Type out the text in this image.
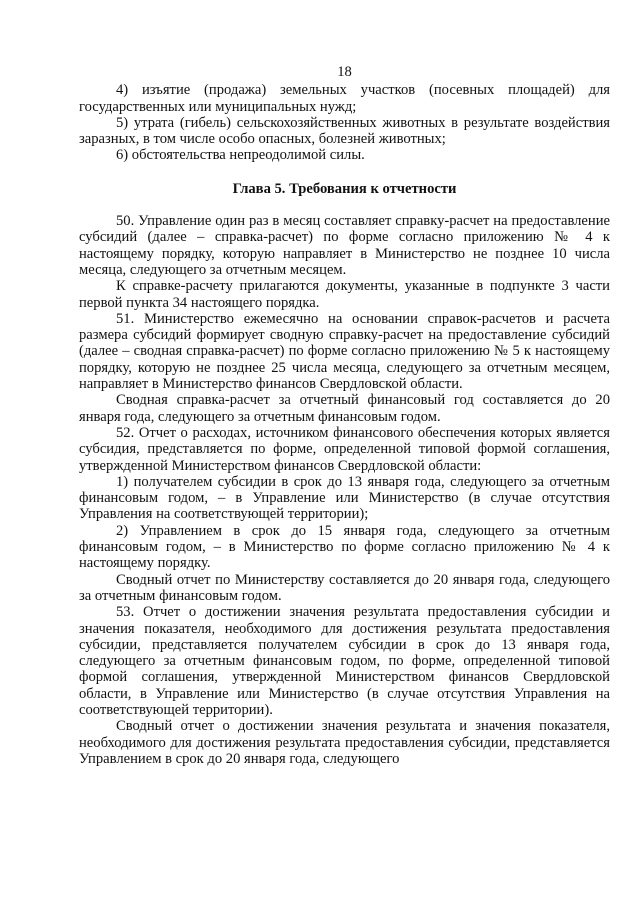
18

4) изъятие (продажа) земельных участков (посевных площадей) для государственных или муниципальных нужд;

5) утрата (гибель) сельскохозяйственных животных в результате воздействия заразных, в том числе особо опасных, болезней животных;

6) обстоятельства непреодолимой силы.

Глава 5. Требования к отчетности

50. Управление один раз в месяц составляет справку-расчет на предоставление субсидий (далее – справка-расчет) по форме согласно приложению № 4 к настоящему порядку, которую направляет в Министерство не позднее 10 числа месяца, следующего за отчетным месяцем.

К справке-расчету прилагаются документы, указанные в подпункте 3 части первой пункта 34 настоящего порядка.

51. Министерство ежемесячно на основании справок-расчетов и расчета размера субсидий формирует сводную справку-расчет на предоставление субсидий (далее – сводная справка-расчет) по форме согласно приложению № 5 к настоящему порядку, которую не позднее 25 числа месяца, следующего за отчетным месяцем, направляет в Министерство финансов Свердловской области.

Сводная справка-расчет за отчетный финансовый год составляется до 20 января года, следующего за отчетным финансовым годом.

52. Отчет о расходах, источником финансового обеспечения которых является субсидия, представляется по форме, определенной типовой формой соглашения, утвержденной Министерством финансов Свердловской области:

1) получателем субсидии в срок до 13 января года, следующего за отчетным финансовым годом, – в Управление или Министерство (в случае отсутствия Управления на соответствующей территории);

2) Управлением в срок до 15 января года, следующего за отчетным финансовым годом, – в Министерство по форме согласно приложению № 4 к настоящему порядку.

Сводный отчет по Министерству составляется до 20 января года, следующего за отчетным финансовым годом.

53. Отчет о достижении значения результата предоставления субсидии и значения показателя, необходимого для достижения результата предоставления субсидии, представляется получателем субсидии в срок до 13 января года, следующего за отчетным финансовым годом, по форме, определенной типовой формой соглашения, утвержденной Министерством финансов Свердловской области, в Управление или Министерство (в случае отсутствия Управления на соответствующей территории).

Сводный отчет о достижении значения результата и значения показателя, необходимого для достижения результата предоставления субсидии, представляется Управлением в срок до 20 января года, следующего
